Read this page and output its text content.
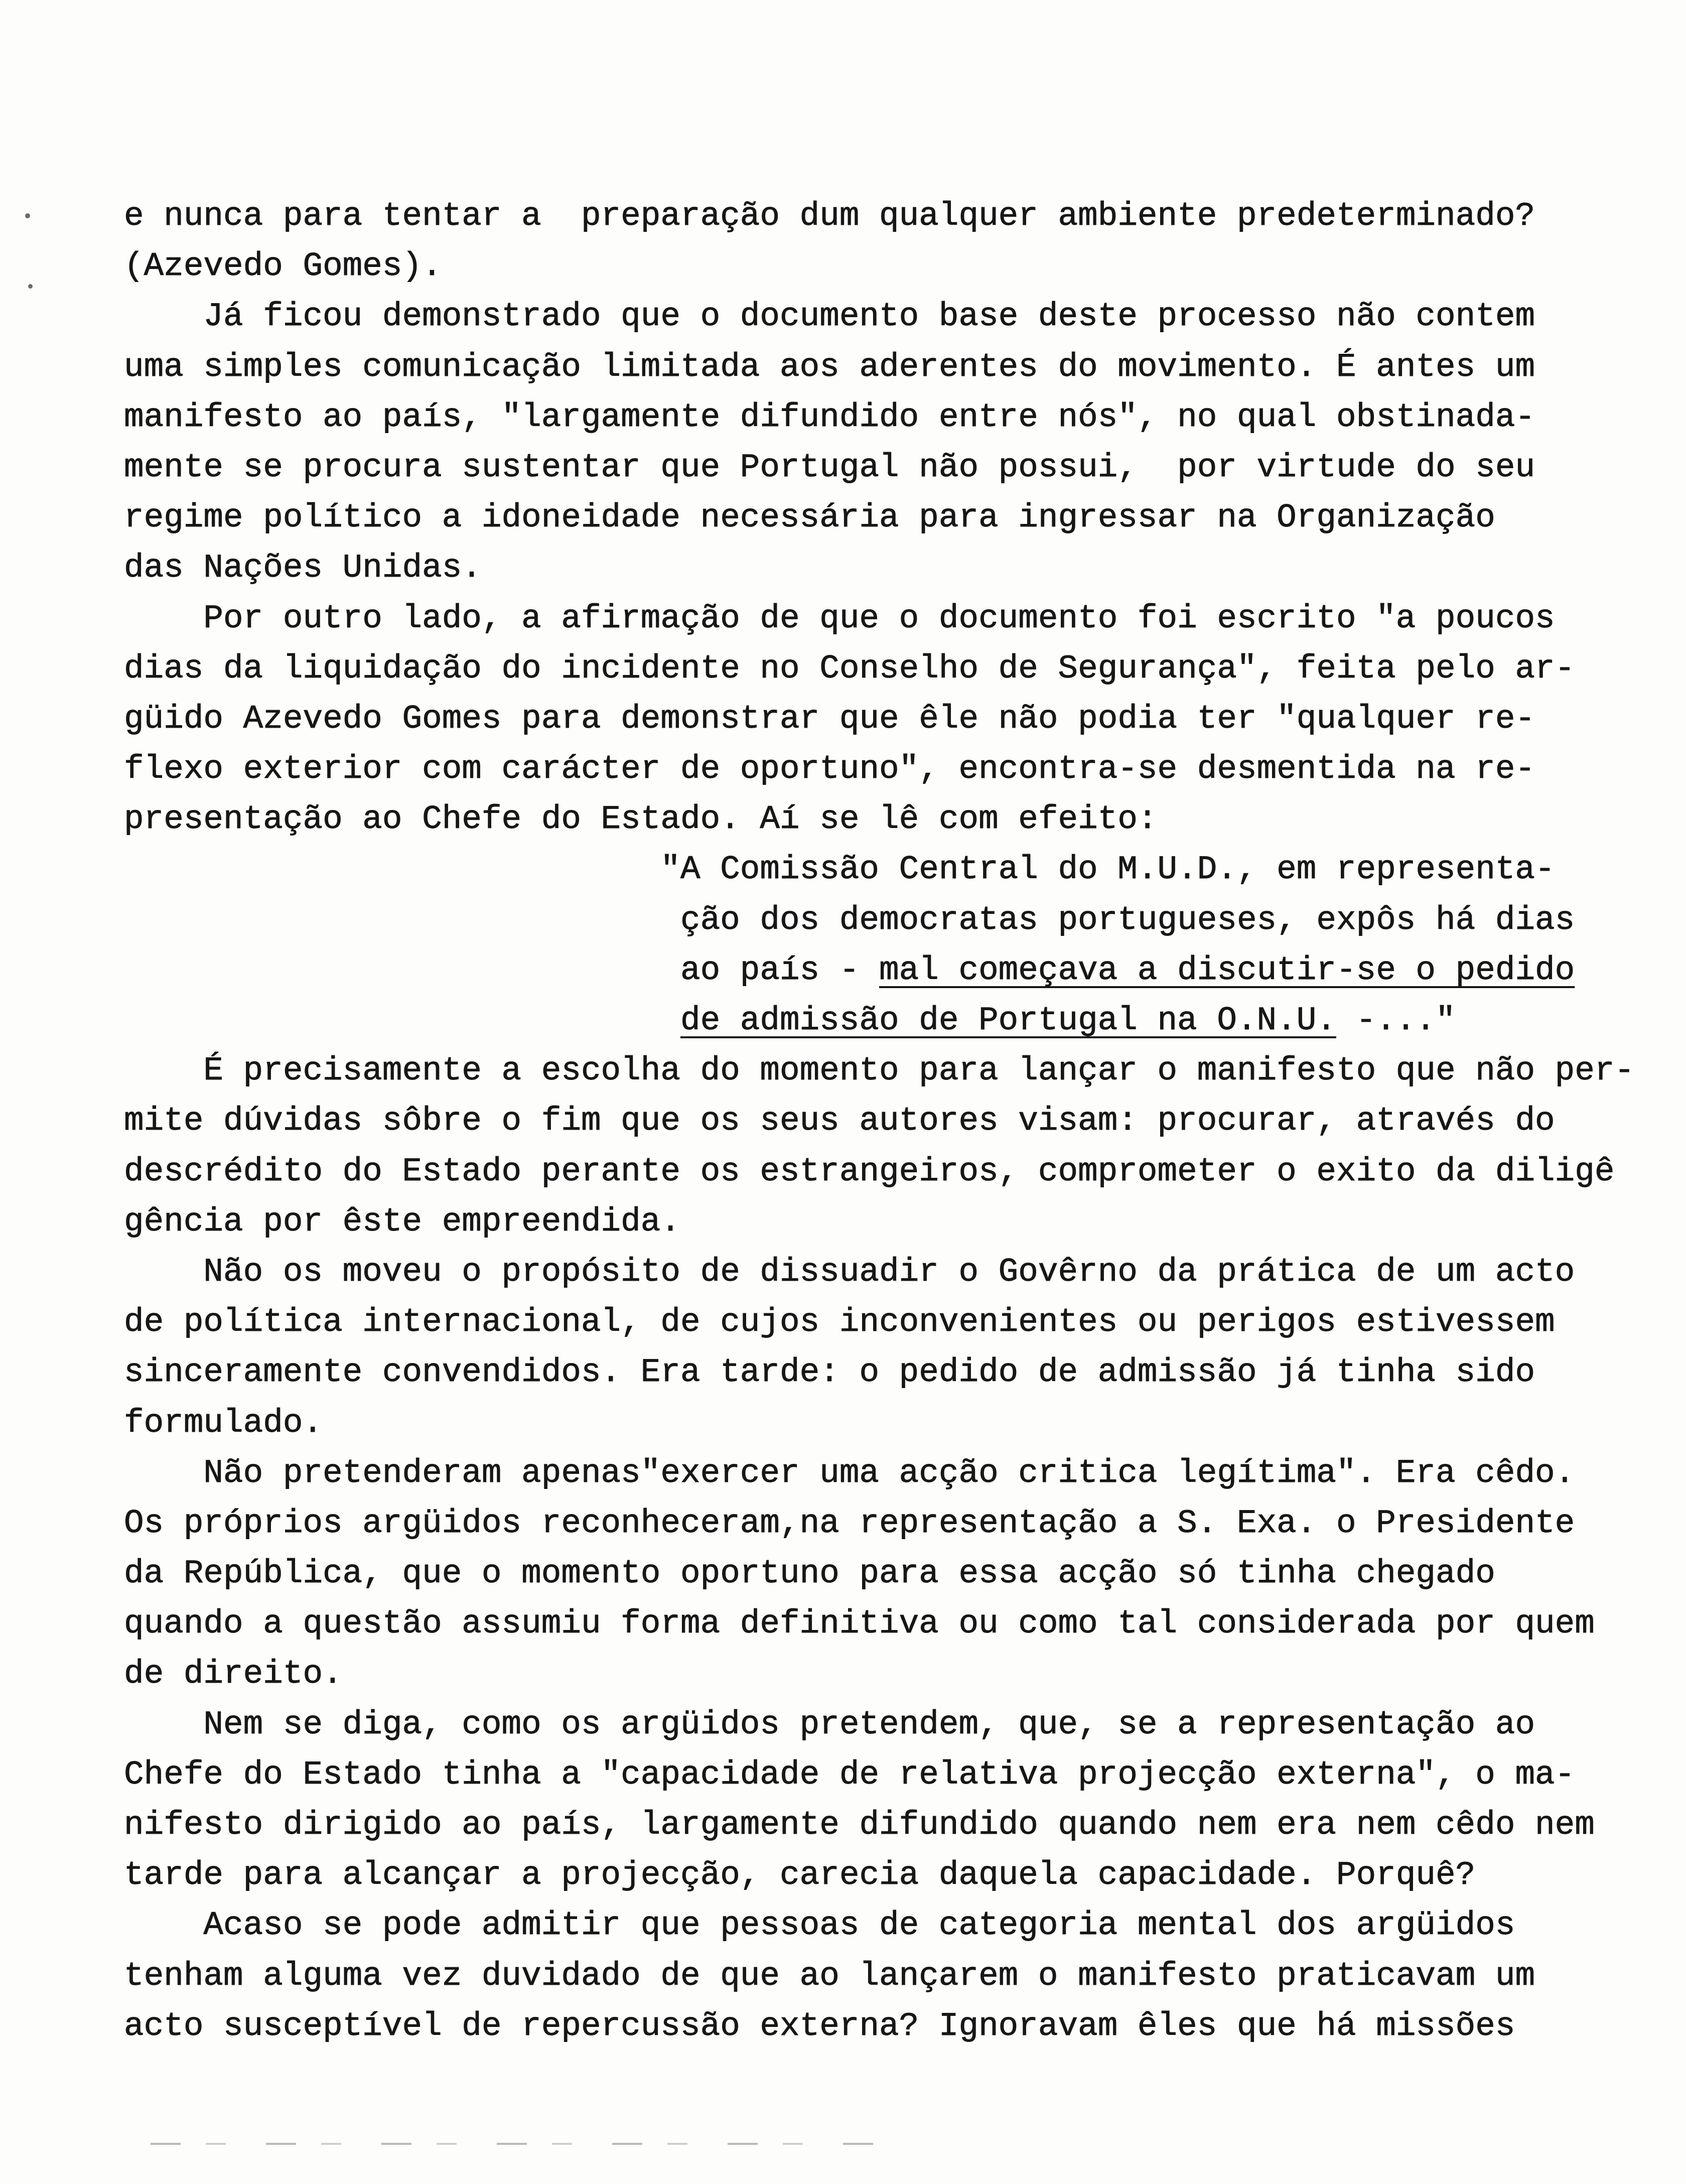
e nunca para tentar a  preparação dum qualquer ambiente predeterminado?
(Azevedo Gomes).
Já ficou demonstrado que o documento base deste processo não contem
uma simples comunicação limitada aos aderentes do movimento. É antes um
manifesto ao país, "largamente difundido entre nós", no qual obstinada-
mente se procura sustentar que Portugal não possui,  por virtude do seu
regime político a idoneidade necessária para ingressar na Organização
das Nações Unidas.
Por outro lado, a afirmação de que o documento foi escrito "a poucos
dias da liquidação do incidente no Conselho de Segurança", feita pelo ar-
güido Azevedo Gomes para demonstrar que êle não podia ter "qualquer re-
flexo exterior com carácter de oportuno", encontra-se desmentida na re-
presentação ao Chefe do Estado. Aí se lê com efeito:
"A Comissão Central do M.U.D., em representa-
ção dos democratas portugueses, expôs há dias
ao país - mal começava a discutir-se o pedido
de admissão de Portugal na O.N.U. -..."
É precisamente a escolha do momento para lançar o manifesto que não per-
mite dúvidas sôbre o fim que os seus autores visam: procurar, através do
descrédito do Estado perante os estrangeiros, comprometer o exito da diligê
gência por êste empreendida.
Não os moveu o propósito de dissuadir o Govêrno da prática de um acto
de política internacional, de cujos inconvenientes ou perigos estivessem
sinceramente convendidos. Era tarde: o pedido de admissão já tinha sido
formulado.
Não pretenderam apenas"exercer uma acção critica legítima". Era cêdo.
Os próprios argüidos reconheceram,na representação a S. Exa. o Presidente
da República, que o momento oportuno para essa acção só tinha chegado
quando a questão assumiu forma definitiva ou como tal considerada por quem
de direito.
Nem se diga, como os argüidos pretendem, que, se a representação ao
Chefe do Estado tinha a "capacidade de relativa projecção externa", o ma-
nifesto dirigido ao país, largamente difundido quando nem era nem cêdo nem
tarde para alcançar a projecção, carecia daquela capacidade. Porquê?
Acaso se pode admitir que pessoas de categoria mental dos argüidos
tenham alguma vez duvidado de que ao lançarem o manifesto praticavam um
acto susceptível de repercussão externa? Ignoravam êles que há missões
